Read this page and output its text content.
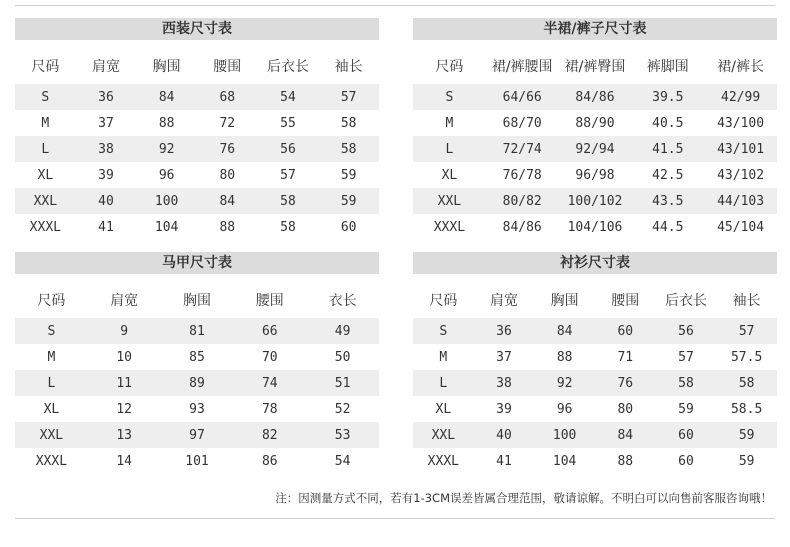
西装尺寸表
尺码	肩宽	胸围	腰围	后衣长	袖长
S	36	84	68	54	57
M	37	88	72	55	58
L	38	92	76	56	58
XL	39	96	80	57	59
XXL	40	100	84	58	59
XXXL	41	104	88	58	60
半裙/裤子尺寸表
尺码	裙/裤腰围	裙/裤臀围	裤脚围	裙/裤长
S	64/66	84/86	39.5	42/99
M	68/70	88/90	40.5	43/100
L	72/74	92/94	41.5	43/101
XL	76/78	96/98	42.5	43/102
XXL	80/82	100/102	43.5	44/103
XXXL	84/86	104/106	44.5	45/104
马甲尺寸表
尺码	肩宽	胸围	腰围	衣长
S	9	81	66	49
M	10	85	70	50
L	11	89	74	51
XL	12	93	78	52
XXL	13	97	82	53
XXXL	14	101	86	54
衬衫尺寸表
尺码	肩宽	胸围	腰围	后衣长	袖长
S	36	84	60	56	57
M	37	88	71	57	57.5
L	38	92	76	58	58
XL	39	96	80	59	58.5
XXL	40	100	84	60	59
XXXL	41	104	88	60	59
注：因测量方式不同，若有1-3CM误差皆属合理范围，敬请谅解。不明白可以向售前客服咨询哦！
